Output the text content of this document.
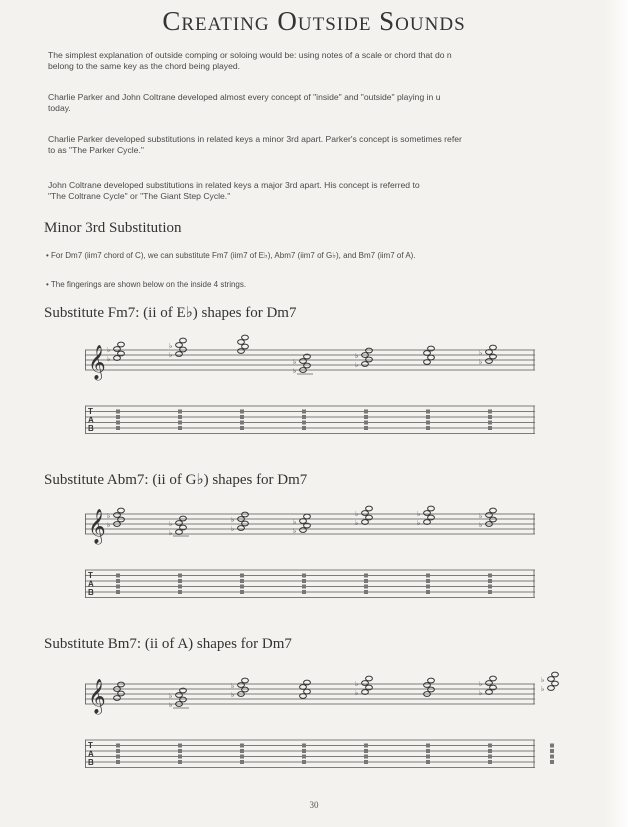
Creating Outside Sounds
The simplest explanation of outside comping or soloing would be: using notes of a scale or chord that do n
belong to the same key as the chord being played.
Charlie Parker and John Coltrane developed almost every concept of "inside" and "outside" playing in u
today.
Charlie Parker developed substitutions in related keys a minor 3rd apart. Parker's concept is sometimes refer
to as "The Parker Cycle."
John Coltrane developed substitutions in related keys a major 3rd apart. His concept is referred to
"The Coltrane Cycle" or "The Giant Step Cycle."
Minor 3rd Substitution
• For Dm7 (iim7 chord of C), we can substitute Fm7 (iim7 of E♭), Abm7 (iim7 of G♭), and Bm7 (iim7 of A).
• The fingerings are shown below on the inside 4 strings.
Substitute Fm7: (ii of E♭) shapes for Dm7
𝄞
T
A
B
♭
♭
♭
♭
♭
♭	♭
♭
♭
♭
Substitute Abm7: (ii of G♭) shapes for Dm7
𝄞
T
A
B
♭
♭
♭
♭
♭
♭
♭
♭	♭
♭
♭
♭
♭
♭
Substitute Bm7: (ii of A) shapes for Dm7
𝄞
T
A
B
♭
♭	♭
♭
♭
♭
♭
♭
♭
♭
30
